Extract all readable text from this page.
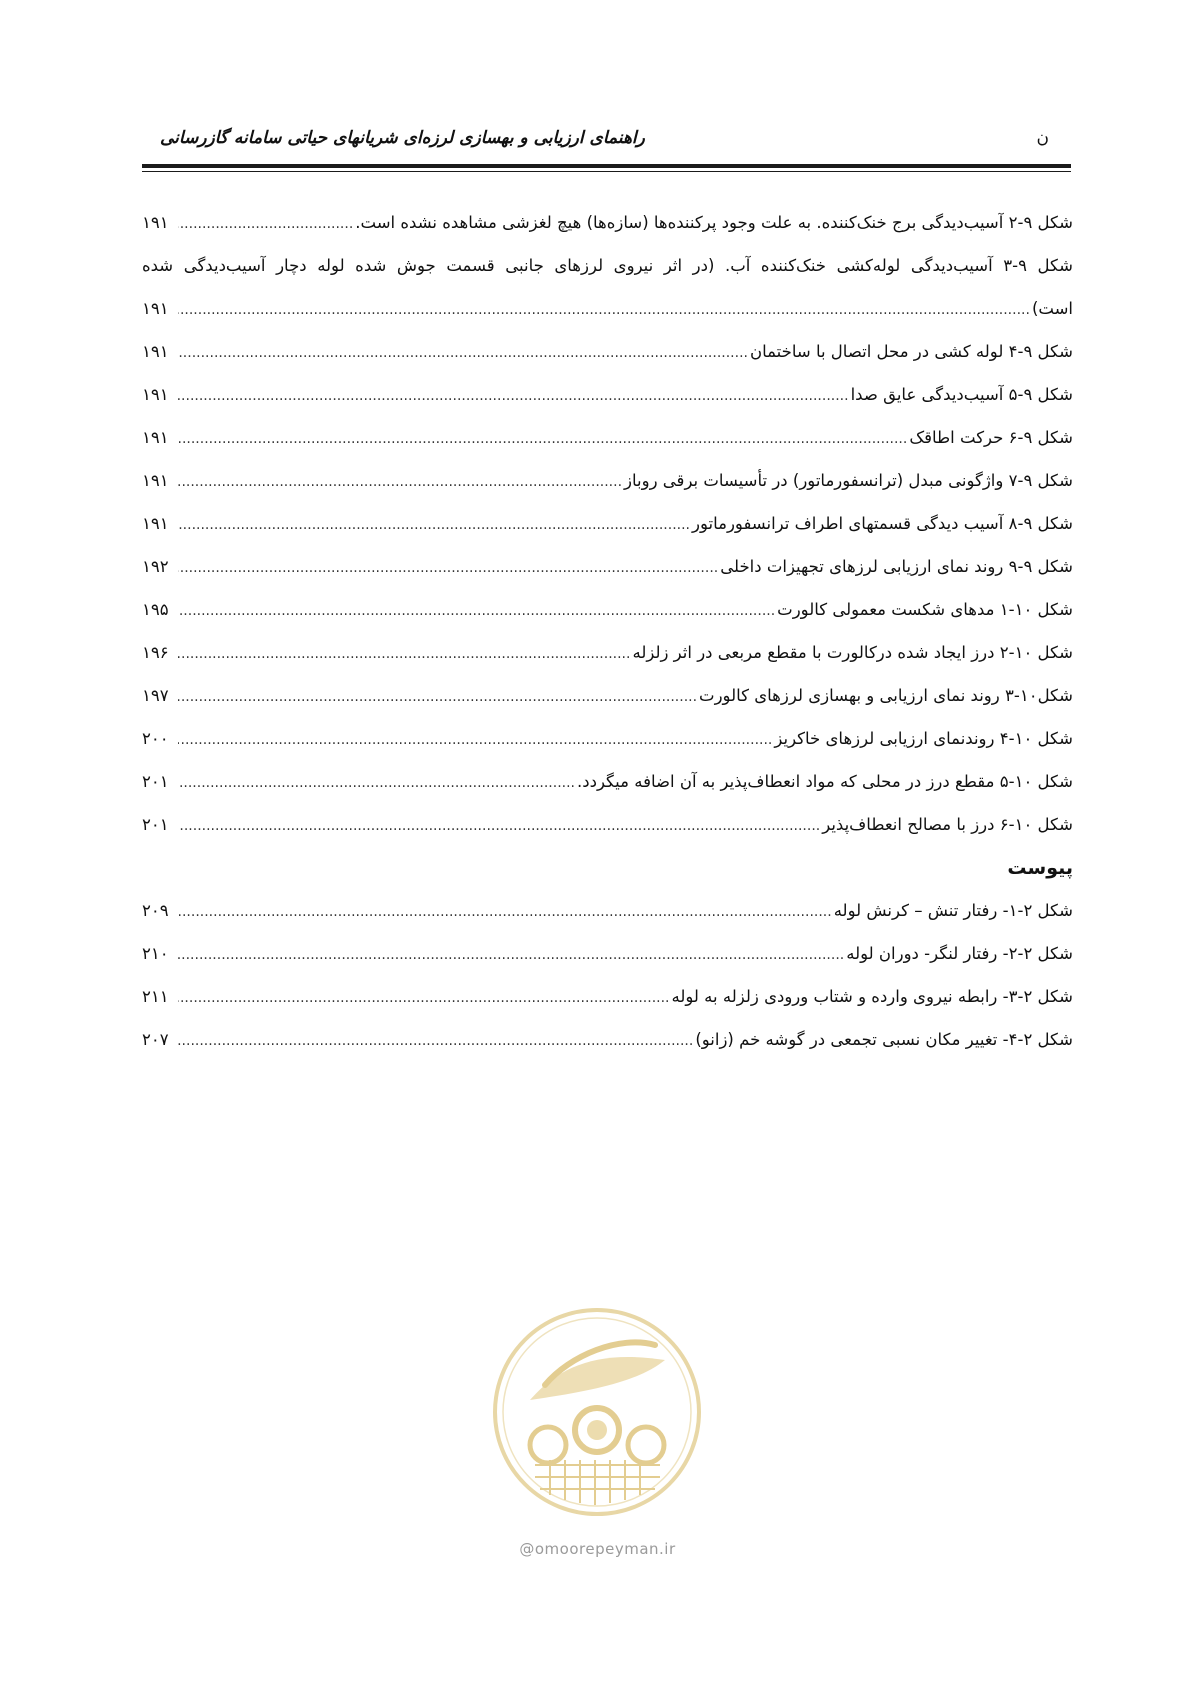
راهنمای ارزیابی و بهسازی لرزه‌ای شریانهای حیاتی سامانه گازرسانی	ن
شکل ۹-۲ آسیب‌دیدگی برج خنک‌کننده. به علت وجود پرکننده‌ها (سازه‌ها) هیچ لغزشی مشاهده نشده است.
.....
۱۹۱
شکل ۹-۳ آسیب‌دیدگی لوله‌کشی خنک‌کننده آب. (در اثر نیروی لرزهای جانبی قسمت جوش شده لوله دچار آسیب‌دیدگی شده
است)
.....
۱۹۱
شکل ۹-۴ لوله کشی در محل اتصال با ساختمان
.....
۱۹۱
شکل ۹-۵ آسیب‌دیدگی عایق صدا
.....
۱۹۱
شکل ۹-۶ حرکت اطاقک
.....
۱۹۱
شکل ۹-۷ واژگونی مبدل (ترانسفورماتور) در تأسیسات برقی روباز
.....
۱۹۱
شکل ۹-۸ آسیب دیدگی قسمتهای اطراف ترانسفورماتور
.....
۱۹۱
شکل ۹-۹ روند نمای ارزیابی لرزهای تجهیزات داخلی
.....
۱۹۲
شکل ۱۰-۱ مدهای شکست معمولی کالورت
.....
۱۹۵
شکل ۱۰-۲ درز ایجاد شده درکالورت با مقطع مربعی در اثر زلزله
.....
۱۹۶
شکل۱۰-۳ روند نمای ارزیابی و بهسازی لرزهای کالورت
.....
۱۹۷
شکل ۱۰-۴ روندنمای ارزیابی لرزهای خاکریز
.....
۲۰۰
شکل ۱۰-۵ مقطع درز در محلی که مواد انعطاف‌پذیر به آن اضافه میگردد.
.....
۲۰۱
شکل ۱۰-۶ درز با مصالح انعطاف‌پذیر
.....
۲۰۱
پیوست
شکل ۲-۱- رفتار تنش – کرنش لوله
.....
۲۰۹
شکل ۲-۲- رفتار لنگر- دوران لوله
.....
۲۱۰
شکل ۲-۳- رابطه نیروی وارده و شتاب ورودی زلزله به لوله
.....
۲۱۱
شکل ۲-۴- تغییر مکان نسبی تجمعی در گوشه خم (زانو)
.....
۲۰۷
@omoorepeyman.ir
